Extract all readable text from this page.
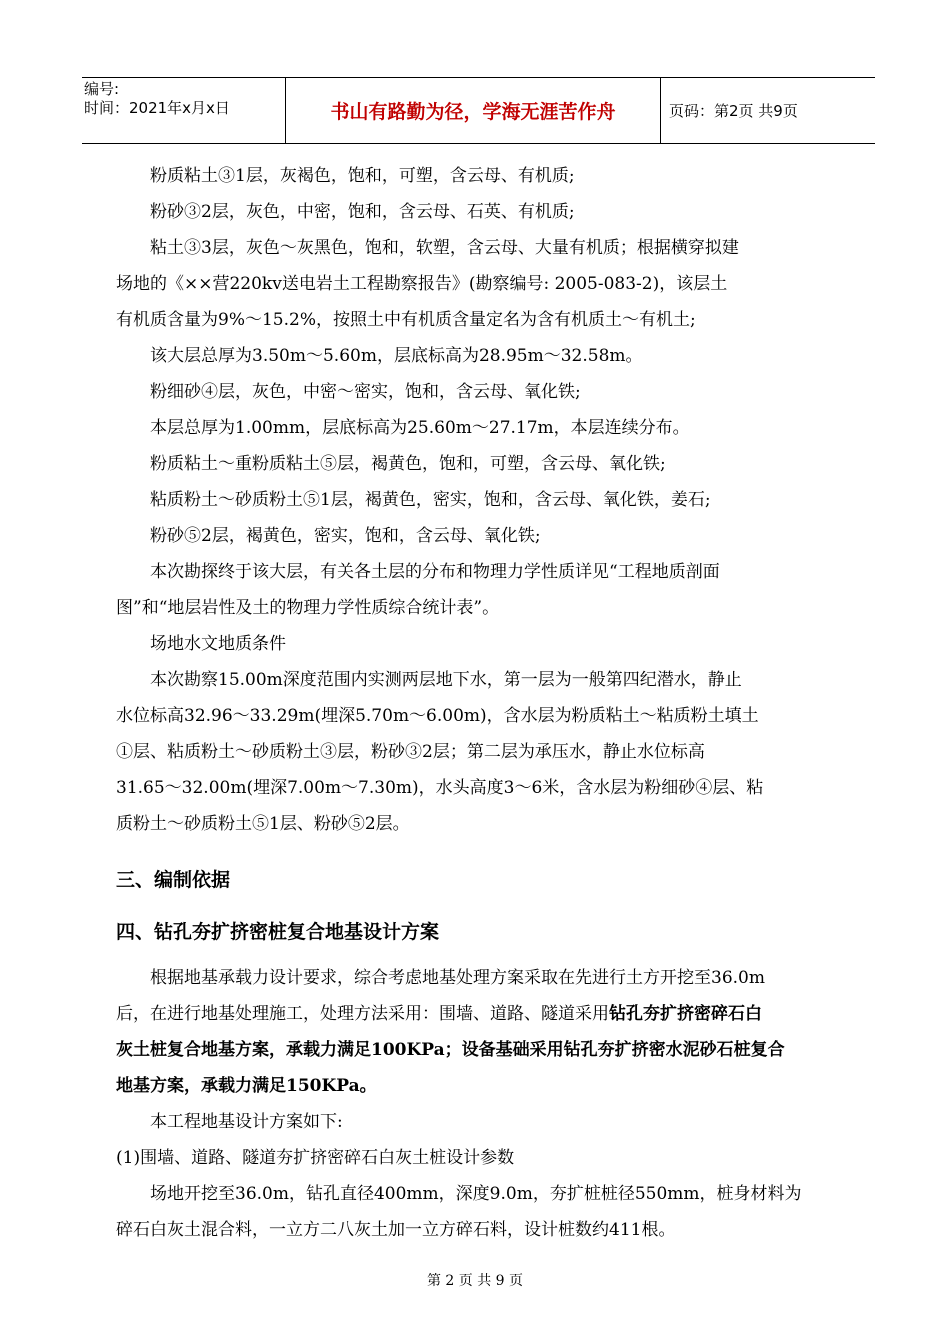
编号:
时间：2021年x月x日	书山有路勤为径，学海无涯苦作舟	页码：第2页 共9页

粉质粘土③1层，灰褐色，饱和，可塑，含云母、有机质;

粉砂③2层，灰色，中密，饱和，含云母、石英、有机质;

粘土③3层，灰色～灰黑色，饱和，软塑，含云母、大量有机质；根据横穿拟建

场地的《××营220kv送电岩土工程勘察报告》(勘察编号: 2005-083-2)，该层土

有机质含量为9%～15.2%，按照土中有机质含量定名为含有机质土～有机土;

该大层总厚为3.50m～5.60m，层底标高为28.95m～32.58m。

粉细砂④层，灰色，中密～密实，饱和，含云母、氧化铁;

本层总厚为1.00mm，层底标高为25.60m～27.17m，本层连续分布。

粉质粘土～重粉质粘土⑤层，褐黄色，饱和，可塑，含云母、氧化铁;

粘质粉土～砂质粉土⑤1层，褐黄色，密实，饱和，含云母、氧化铁，姜石;

粉砂⑤2层，褐黄色，密实，饱和，含云母、氧化铁;

本次勘探终于该大层，有关各土层的分布和物理力学性质详见“工程地质剖面

图”和“地层岩性及土的物理力学性质综合统计表”。

场地水文地质条件

本次勘察15.00m深度范围内实测两层地下水，第一层为一般第四纪潜水，静止

水位标高32.96～33.29m(埋深5.70m～6.00m)，含水层为粉质粘土～粘质粉土填土

①层、粘质粉土～砂质粉土③层，粉砂③2层；第二层为承压水，静止水位标高

31.65～32.00m(埋深7.00m～7.30m)，水头高度3～6米，含水层为粉细砂④层、粘

质粉土～砂质粉土⑤1层、粉砂⑤2层。

三、编制依据
四、钻孔夯扩挤密桩复合地基设计方案

根据地基承载力设计要求，综合考虑地基处理方案采取在先进行土方开挖至36.0m

后，在进行地基处理施工，处理方法采用：围墙、道路、隧道采用钻孔夯扩挤密碎石白

灰土桩复合地基方案，承载力满足100KPa；设备基础采用钻孔夯扩挤密水泥砂石桩复合

地基方案，承载力满足150KPa。

本工程地基设计方案如下:

(1)围墙、道路、隧道夯扩挤密碎石白灰土桩设计参数

场地开挖至36.0m，钻孔直径400mm，深度9.0m，夯扩桩桩径550mm，桩身材料为

碎石白灰土混合料，一立方二八灰土加一立方碎石料，设计桩数约411根。

第 2 页 共 9 页
